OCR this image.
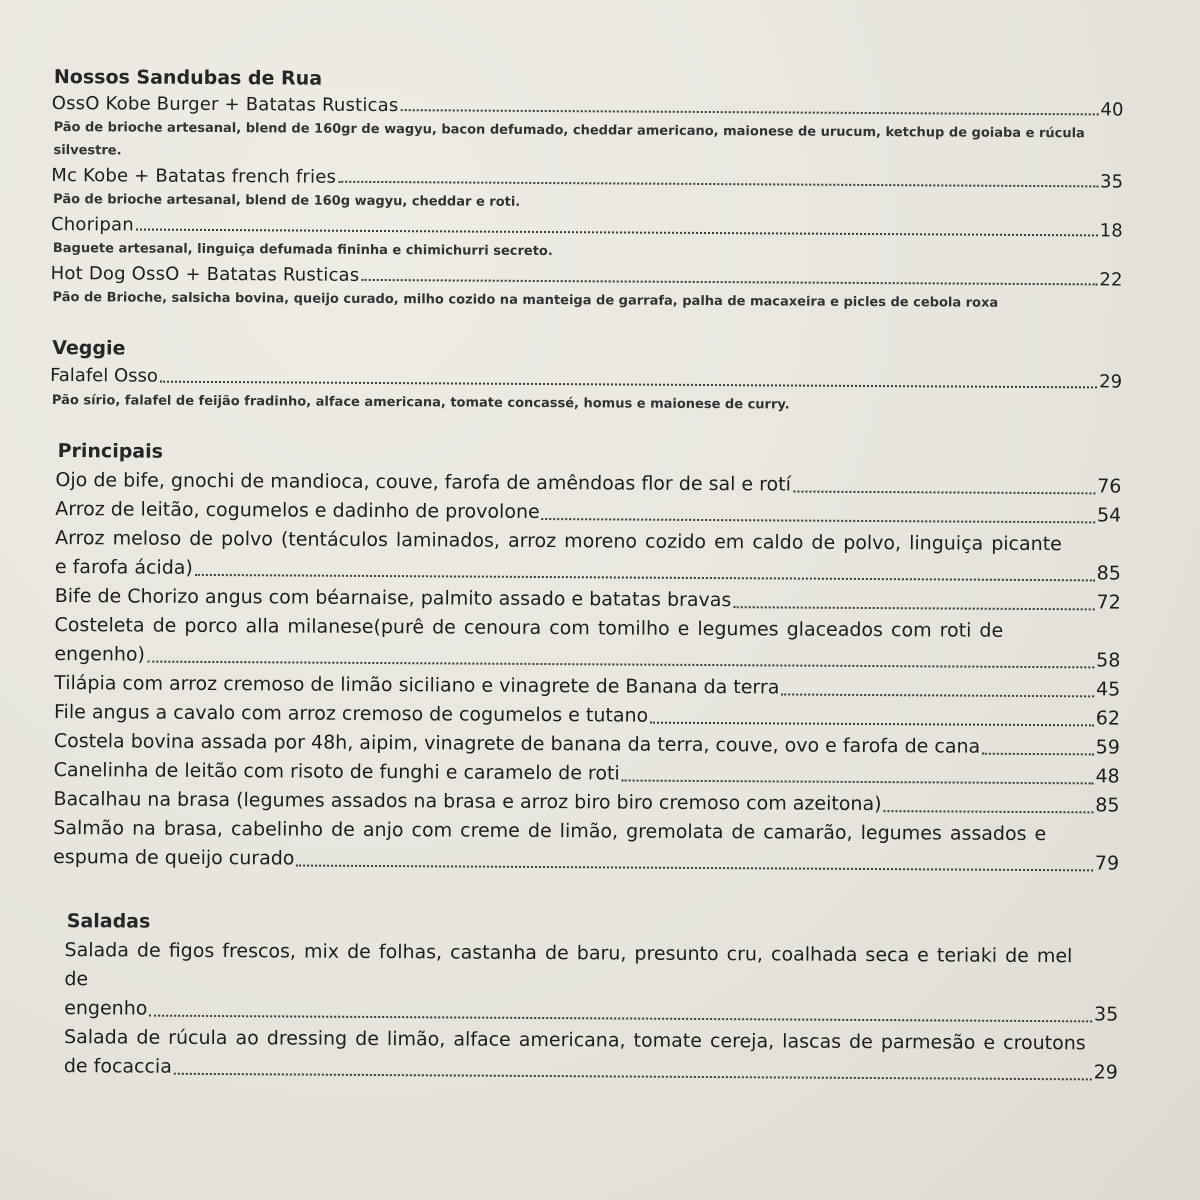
Nossos Sandubas de Rua
OssO Kobe Burger + Batatas Rusticas	40
Pão de brioche artesanal, blend de 160gr de wagyu, bacon defumado, cheddar americano, maionese de urucum, ketchup de goiaba e rúcula silvestre.
Mc Kobe + Batatas french fries	35
Pão de brioche artesanal, blend de 160g wagyu, cheddar e roti.
Choripan	18
Baguete artesanal, linguiça defumada fininha e chimichurri secreto.
Hot Dog OssO + Batatas Rusticas	22
Pão de Brioche, salsicha bovina, queijo curado, milho cozido na manteiga de garrafa, palha de macaxeira e picles de cebola roxa
Veggie
Falafel Osso	29
Pão sírio, falafel de feijão fradinho, alface americana, tomate concassé, homus e maionese de curry.
Principais
Ojo de bife, gnochi de mandioca, couve, farofa de amêndoas flor de sal e rotí	76
Arroz de leitão, cogumelos e dadinho de provolone	54
Arroz meloso de polvo (tentáculos laminados, arroz moreno cozido em caldo de polvo, linguiça picante
e farofa ácida)	85
Bife de Chorizo angus com béarnaise, palmito assado e batatas bravas	72
Costeleta de porco alla milanese(purê de cenoura com tomilho e legumes glaceados com roti de
engenho)	58
Tilápia com arroz cremoso de limão siciliano e vinagrete de Banana da terra	45
File angus a cavalo com arroz cremoso de cogumelos e tutano	62
Costela bovina assada por 48h, aipim, vinagrete de banana da terra, couve, ovo e farofa de cana	59
Canelinha de leitão com risoto de funghi e caramelo de roti	48
Bacalhau na brasa (legumes assados na brasa e arroz biro biro cremoso com azeitona)	85
Salmão na brasa, cabelinho de anjo com creme de limão, gremolata de camarão, legumes assados e
espuma de queijo curado	79
Saladas
Salada de figos frescos, mix de folhas, castanha de baru, presunto cru, coalhada seca e teriaki de mel
de
engenho	35
Salada de rúcula ao dressing de limão, alface americana, tomate cereja, lascas de parmesão e croutons
de focaccia	29
